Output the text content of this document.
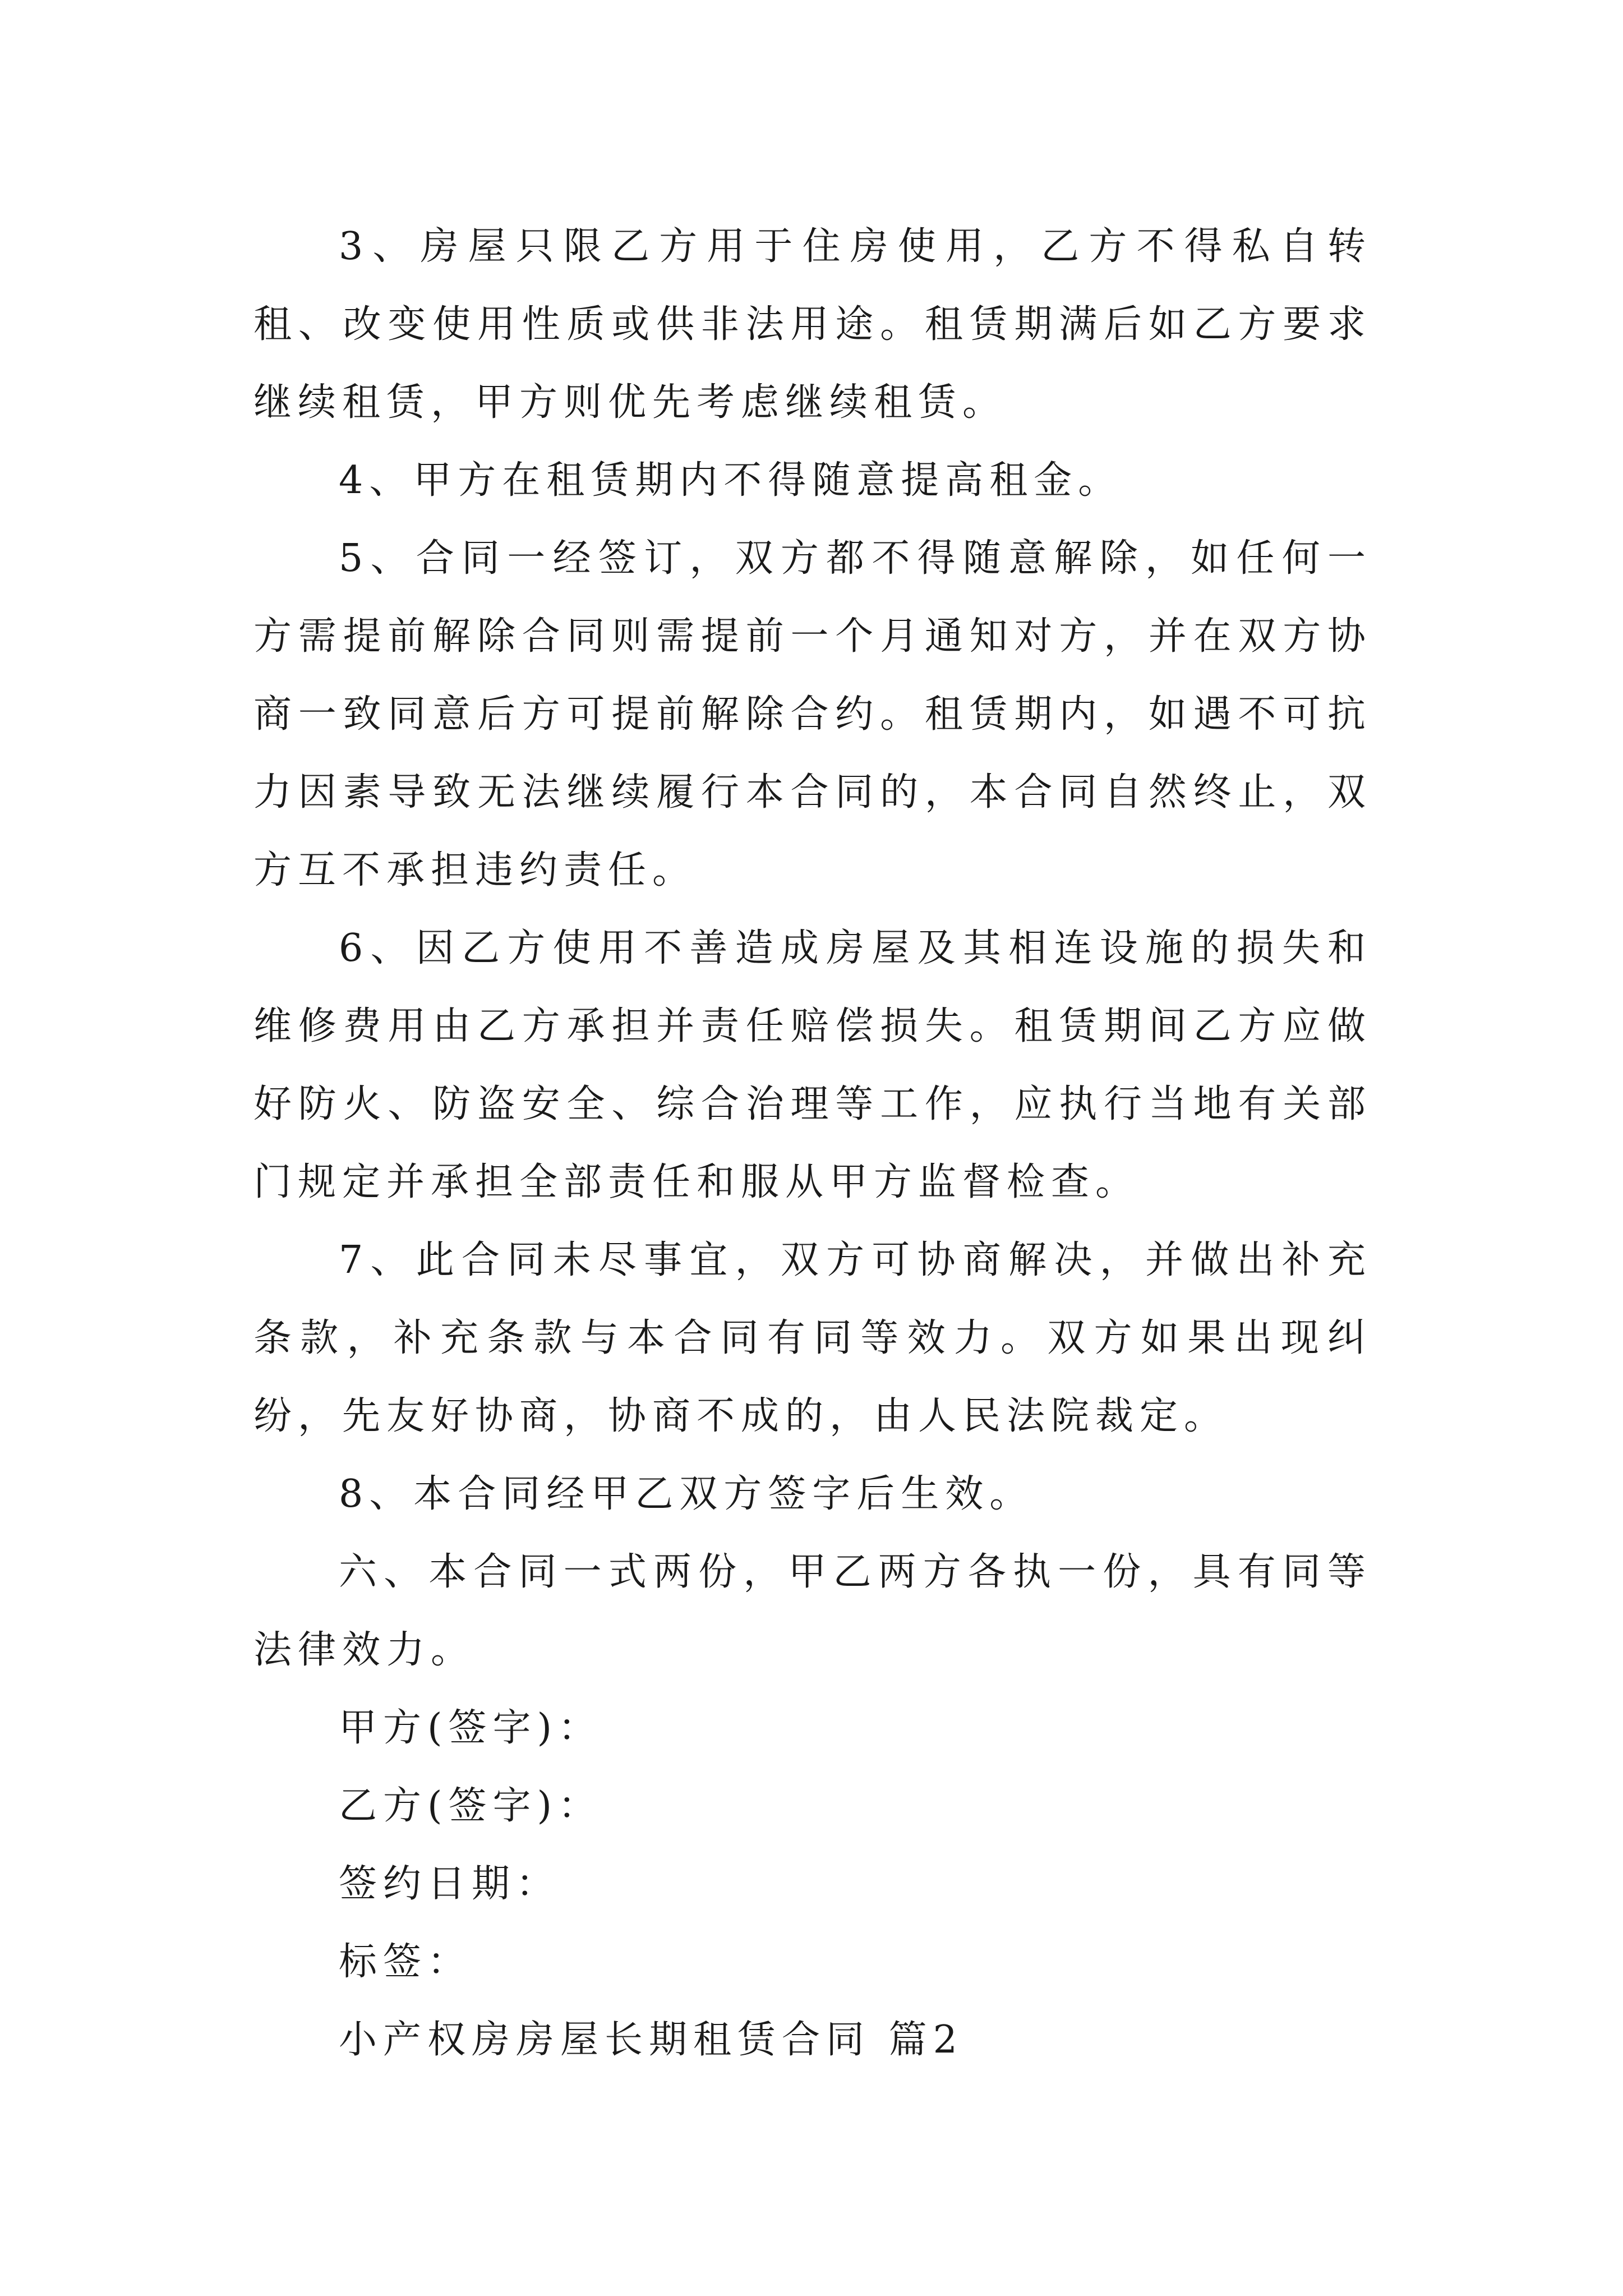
3、房屋只限乙方用于住房使用，乙方不得私自转租、改变使用性质或供非法用途。租赁期满后如乙方要求继续租赁，甲方则优先考虑继续租赁。

4、甲方在租赁期内不得随意提高租金。

5、合同一经签订，双方都不得随意解除，如任何一方需提前解除合同则需提前一个月通知对方，并在双方协商一致同意后方可提前解除合约。租赁期内，如遇不可抗力因素导致无法继续履行本合同的，本合同自然终止，双方互不承担违约责任。

6、因乙方使用不善造成房屋及其相连设施的损失和维修费用由乙方承担并责任赔偿损失。租赁期间乙方应做好防火、防盗安全、综合治理等工作，应执行当地有关部门规定并承担全部责任和服从甲方监督检查。

7、此合同未尽事宜，双方可协商解决，并做出补充条款，补充条款与本合同有同等效力。双方如果出现纠纷，先友好协商，协商不成的，由人民法院裁定。

8、本合同经甲乙双方签字后生效。

六、本合同一式两份，甲乙两方各执一份，具有同等法律效力。

甲方(签字)：

乙方(签字)：

签约日期：

标签：

小产权房房屋长期租赁合同 篇2
